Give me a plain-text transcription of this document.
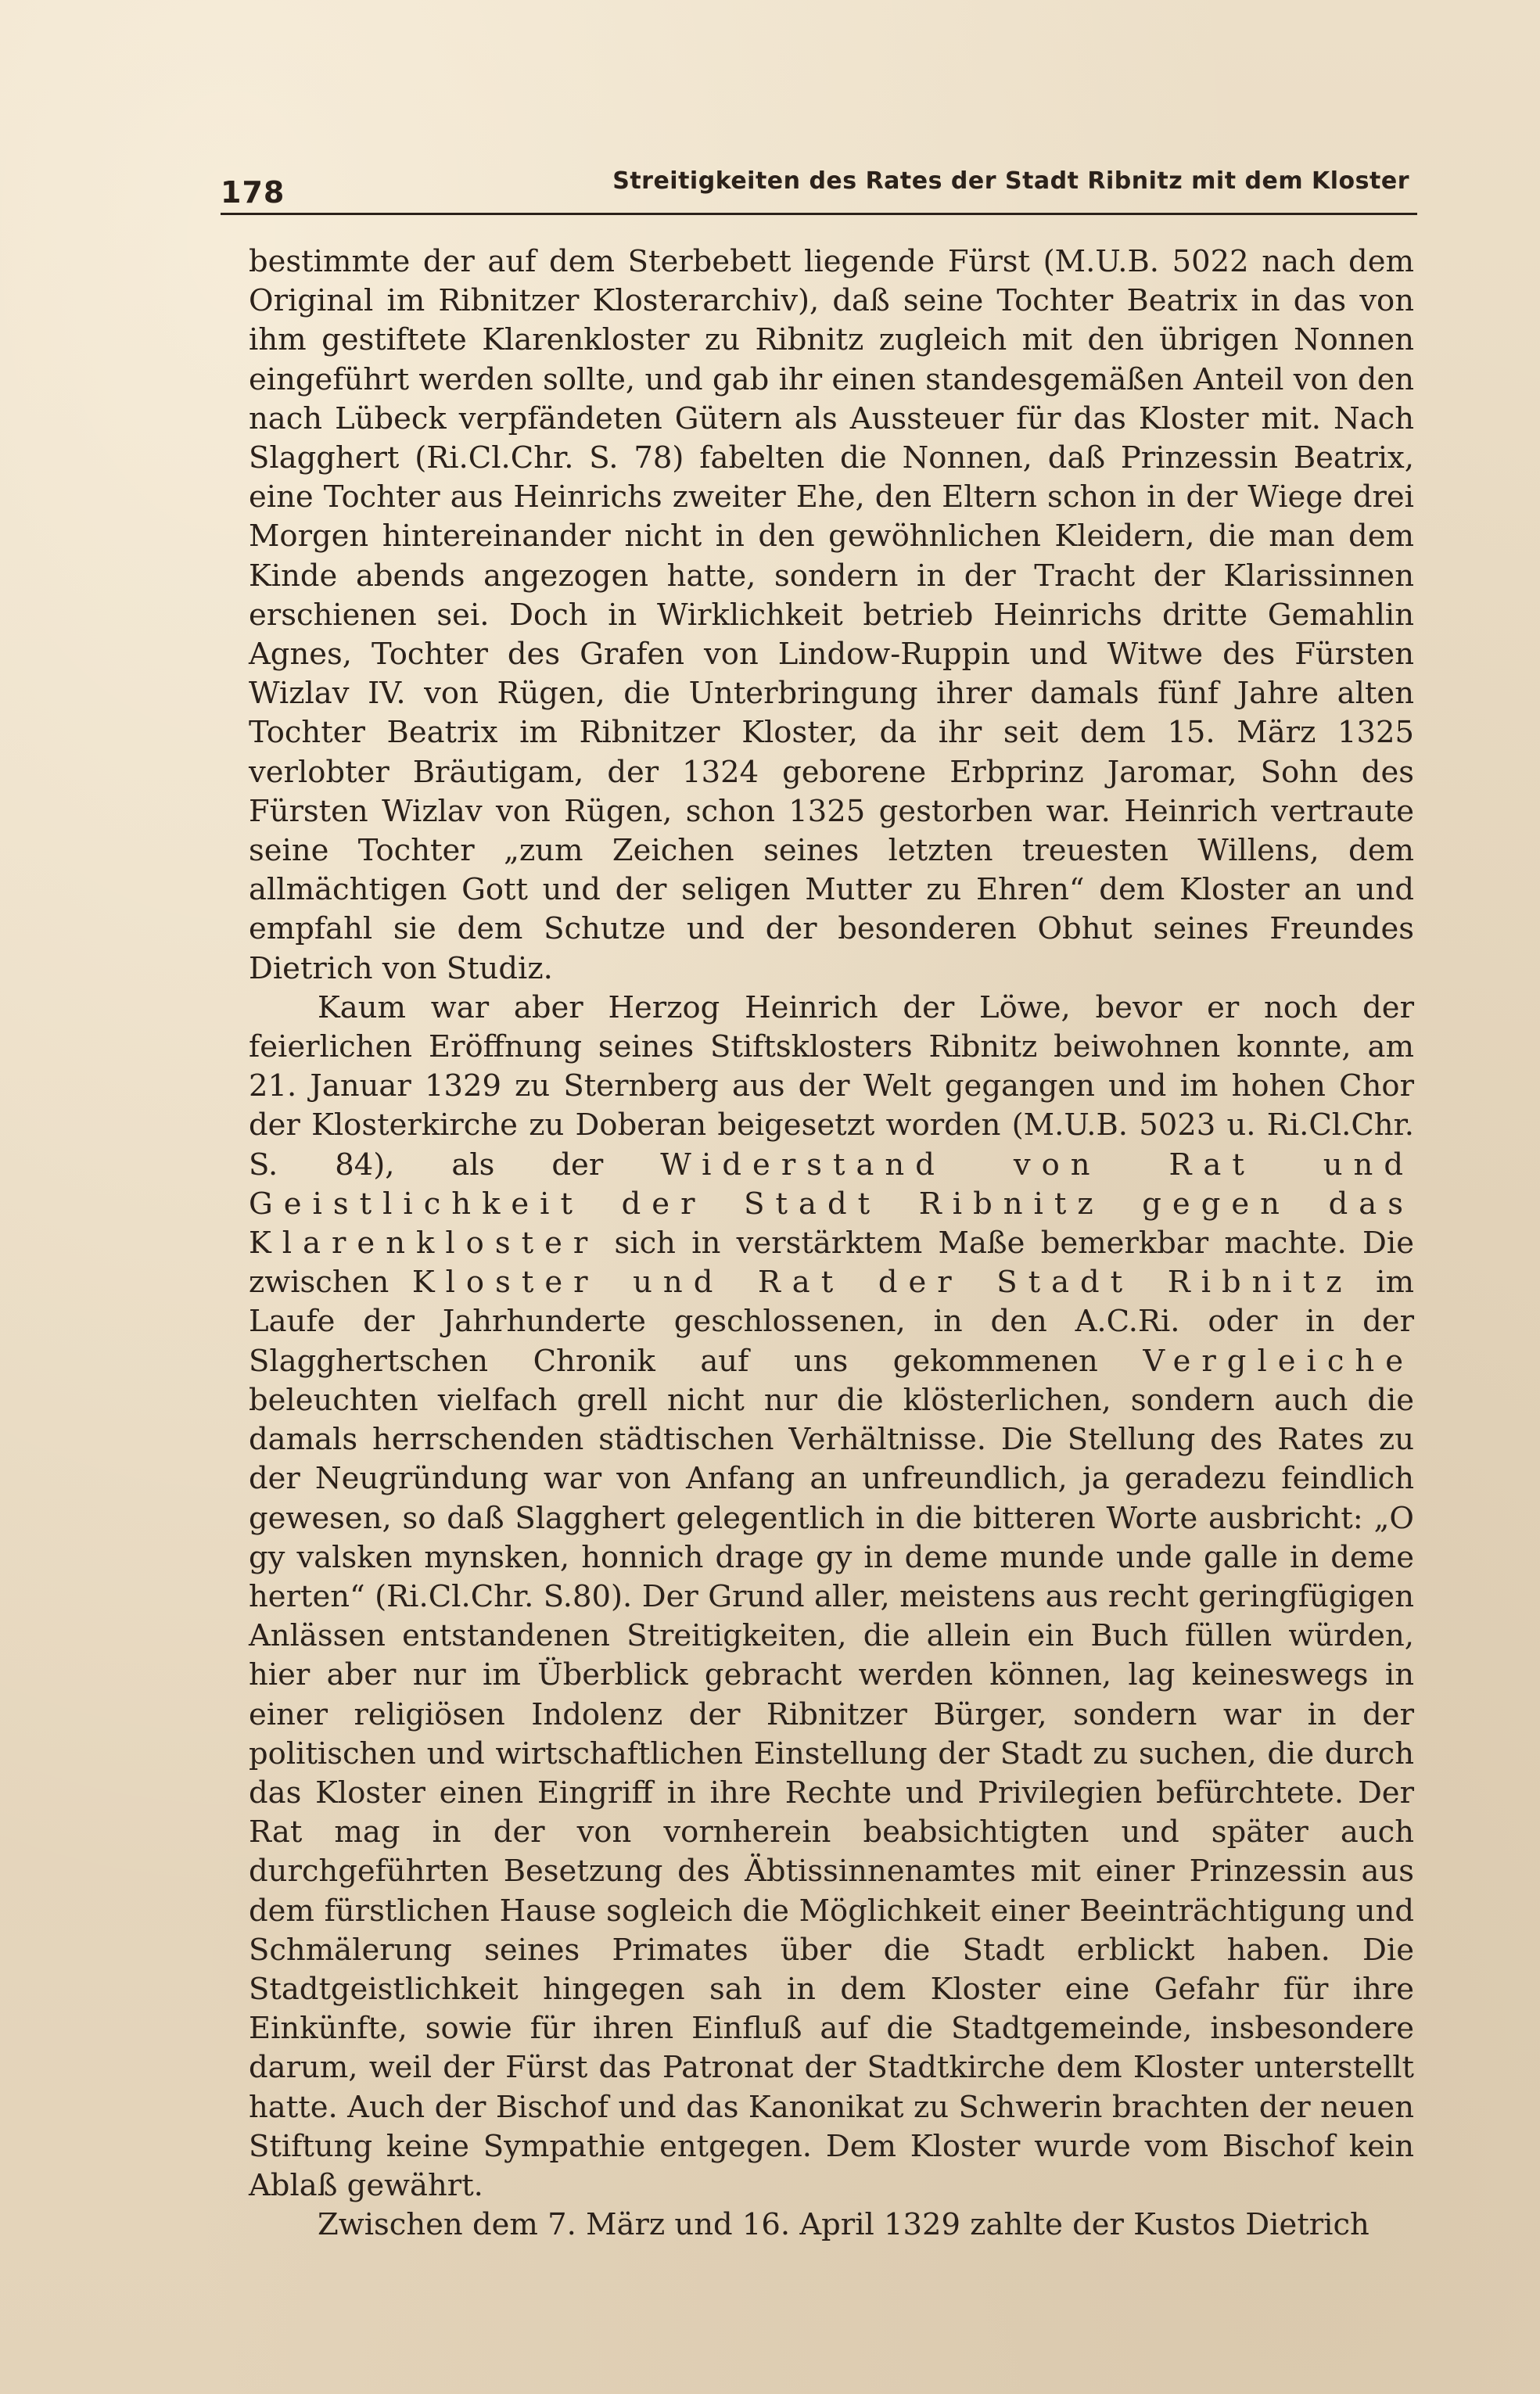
178	Streitigkeiten des Rates der Stadt Ribnitz mit dem Kloster

bestimmte der auf dem Sterbebett liegende Fürst (M.U.B. 5022 nach dem Original im Ribnitzer Klosterarchiv), daß seine Tochter Beatrix in das von ihm gestiftete Klarenkloster zu Ribnitz zugleich mit den übrigen Nonnen eingeführt werden sollte, und gab ihr einen standesgemäßen Anteil von den nach Lübeck verpfändeten Gütern als Aussteuer für das Kloster mit. Nach Slagghert (Ri.Cl.Chr. S. 78) fabelten die Nonnen, daß Prinzessin Beatrix, eine Tochter aus Heinrichs zweiter Ehe, den Eltern schon in der Wiege drei Morgen hintereinander nicht in den gewöhnlichen Kleidern, die man dem Kinde abends angezogen hatte, sondern in der Tracht der Klarissinnen erschienen sei. Doch in Wirklichkeit betrieb Heinrichs dritte Gemahlin Agnes, Tochter des Grafen von Lindow-Ruppin und Witwe des Fürsten Wizlav IV. von Rügen, die Unterbringung ihrer damals fünf Jahre alten Tochter Beatrix im Ribnitzer Kloster, da ihr seit dem 15. März 1325 verlobter Bräutigam, der 1324 geborene Erbprinz Jaromar, Sohn des Fürsten Wizlav von Rügen, schon 1325 gestorben war. Heinrich vertraute seine Tochter „zum Zeichen seines letzten treuesten Willens, dem allmächtigen Gott und der seligen Mutter zu Ehren“ dem Kloster an und empfahl sie dem Schutze und der besonderen Obhut seines Freundes Dietrich von Studiz.

Kaum war aber Herzog Heinrich der Löwe, bevor er noch der feierlichen Eröffnung seines Stiftsklosters Ribnitz beiwohnen konnte, am 21. Januar 1329 zu Sternberg aus der Welt gegangen und im hohen Chor der Klosterkirche zu Doberan beigesetzt worden (M.U.B. 5023 u. Ri.Cl.Chr. S. 84), als der Widerstand von Rat und Geistlichkeit der Stadt Ribnitz gegen das Klarenkloster sich in verstärktem Maße bemerkbar machte. Die zwischen Kloster und Rat der Stadt Ribnitz im Laufe der Jahrhunderte geschlossenen, in den A.C.Ri. oder in der Slagghertschen Chronik auf uns gekommenen Vergleiche beleuchten vielfach grell nicht nur die klösterlichen, sondern auch die damals herrschenden städtischen Verhältnisse. Die Stellung des Rates zu der Neugründung war von Anfang an unfreundlich, ja geradezu feindlich gewesen, so daß Slagghert gelegentlich in die bitteren Worte ausbricht: „O gy valsken mynsken, honnich drage gy in deme munde unde galle in deme herten“ (Ri.Cl.Chr. S.80). Der Grund aller, meistens aus recht geringfügigen Anlässen entstandenen Streitigkeiten, die allein ein Buch füllen würden, hier aber nur im Überblick gebracht werden können, lag keineswegs in einer religiösen Indolenz der Ribnitzer Bürger, sondern war in der politischen und wirtschaftlichen Einstellung der Stadt zu suchen, die durch das Kloster einen Eingriff in ihre Rechte und Privilegien befürchtete. Der Rat mag in der von vornherein beabsichtigten und später auch durchgeführten Besetzung des Äbtissinnenamtes mit einer Prinzessin aus dem fürstlichen Hause sogleich die Möglichkeit einer Beeinträchtigung und Schmälerung seines Primates über die Stadt erblickt haben. Die Stadtgeistlichkeit hingegen sah in dem Kloster eine Gefahr für ihre Einkünfte, sowie für ihren Einfluß auf die Stadtgemeinde, insbesondere darum, weil der Fürst das Patronat der Stadtkirche dem Kloster unterstellt hatte. Auch der Bischof und das Kanonikat zu Schwerin brachten der neuen Stiftung keine Sympathie entgegen. Dem Kloster wurde vom Bischof kein Ablaß gewährt.

Zwischen dem 7. März und 16. April 1329 zahlte der Kustos Dietrich
